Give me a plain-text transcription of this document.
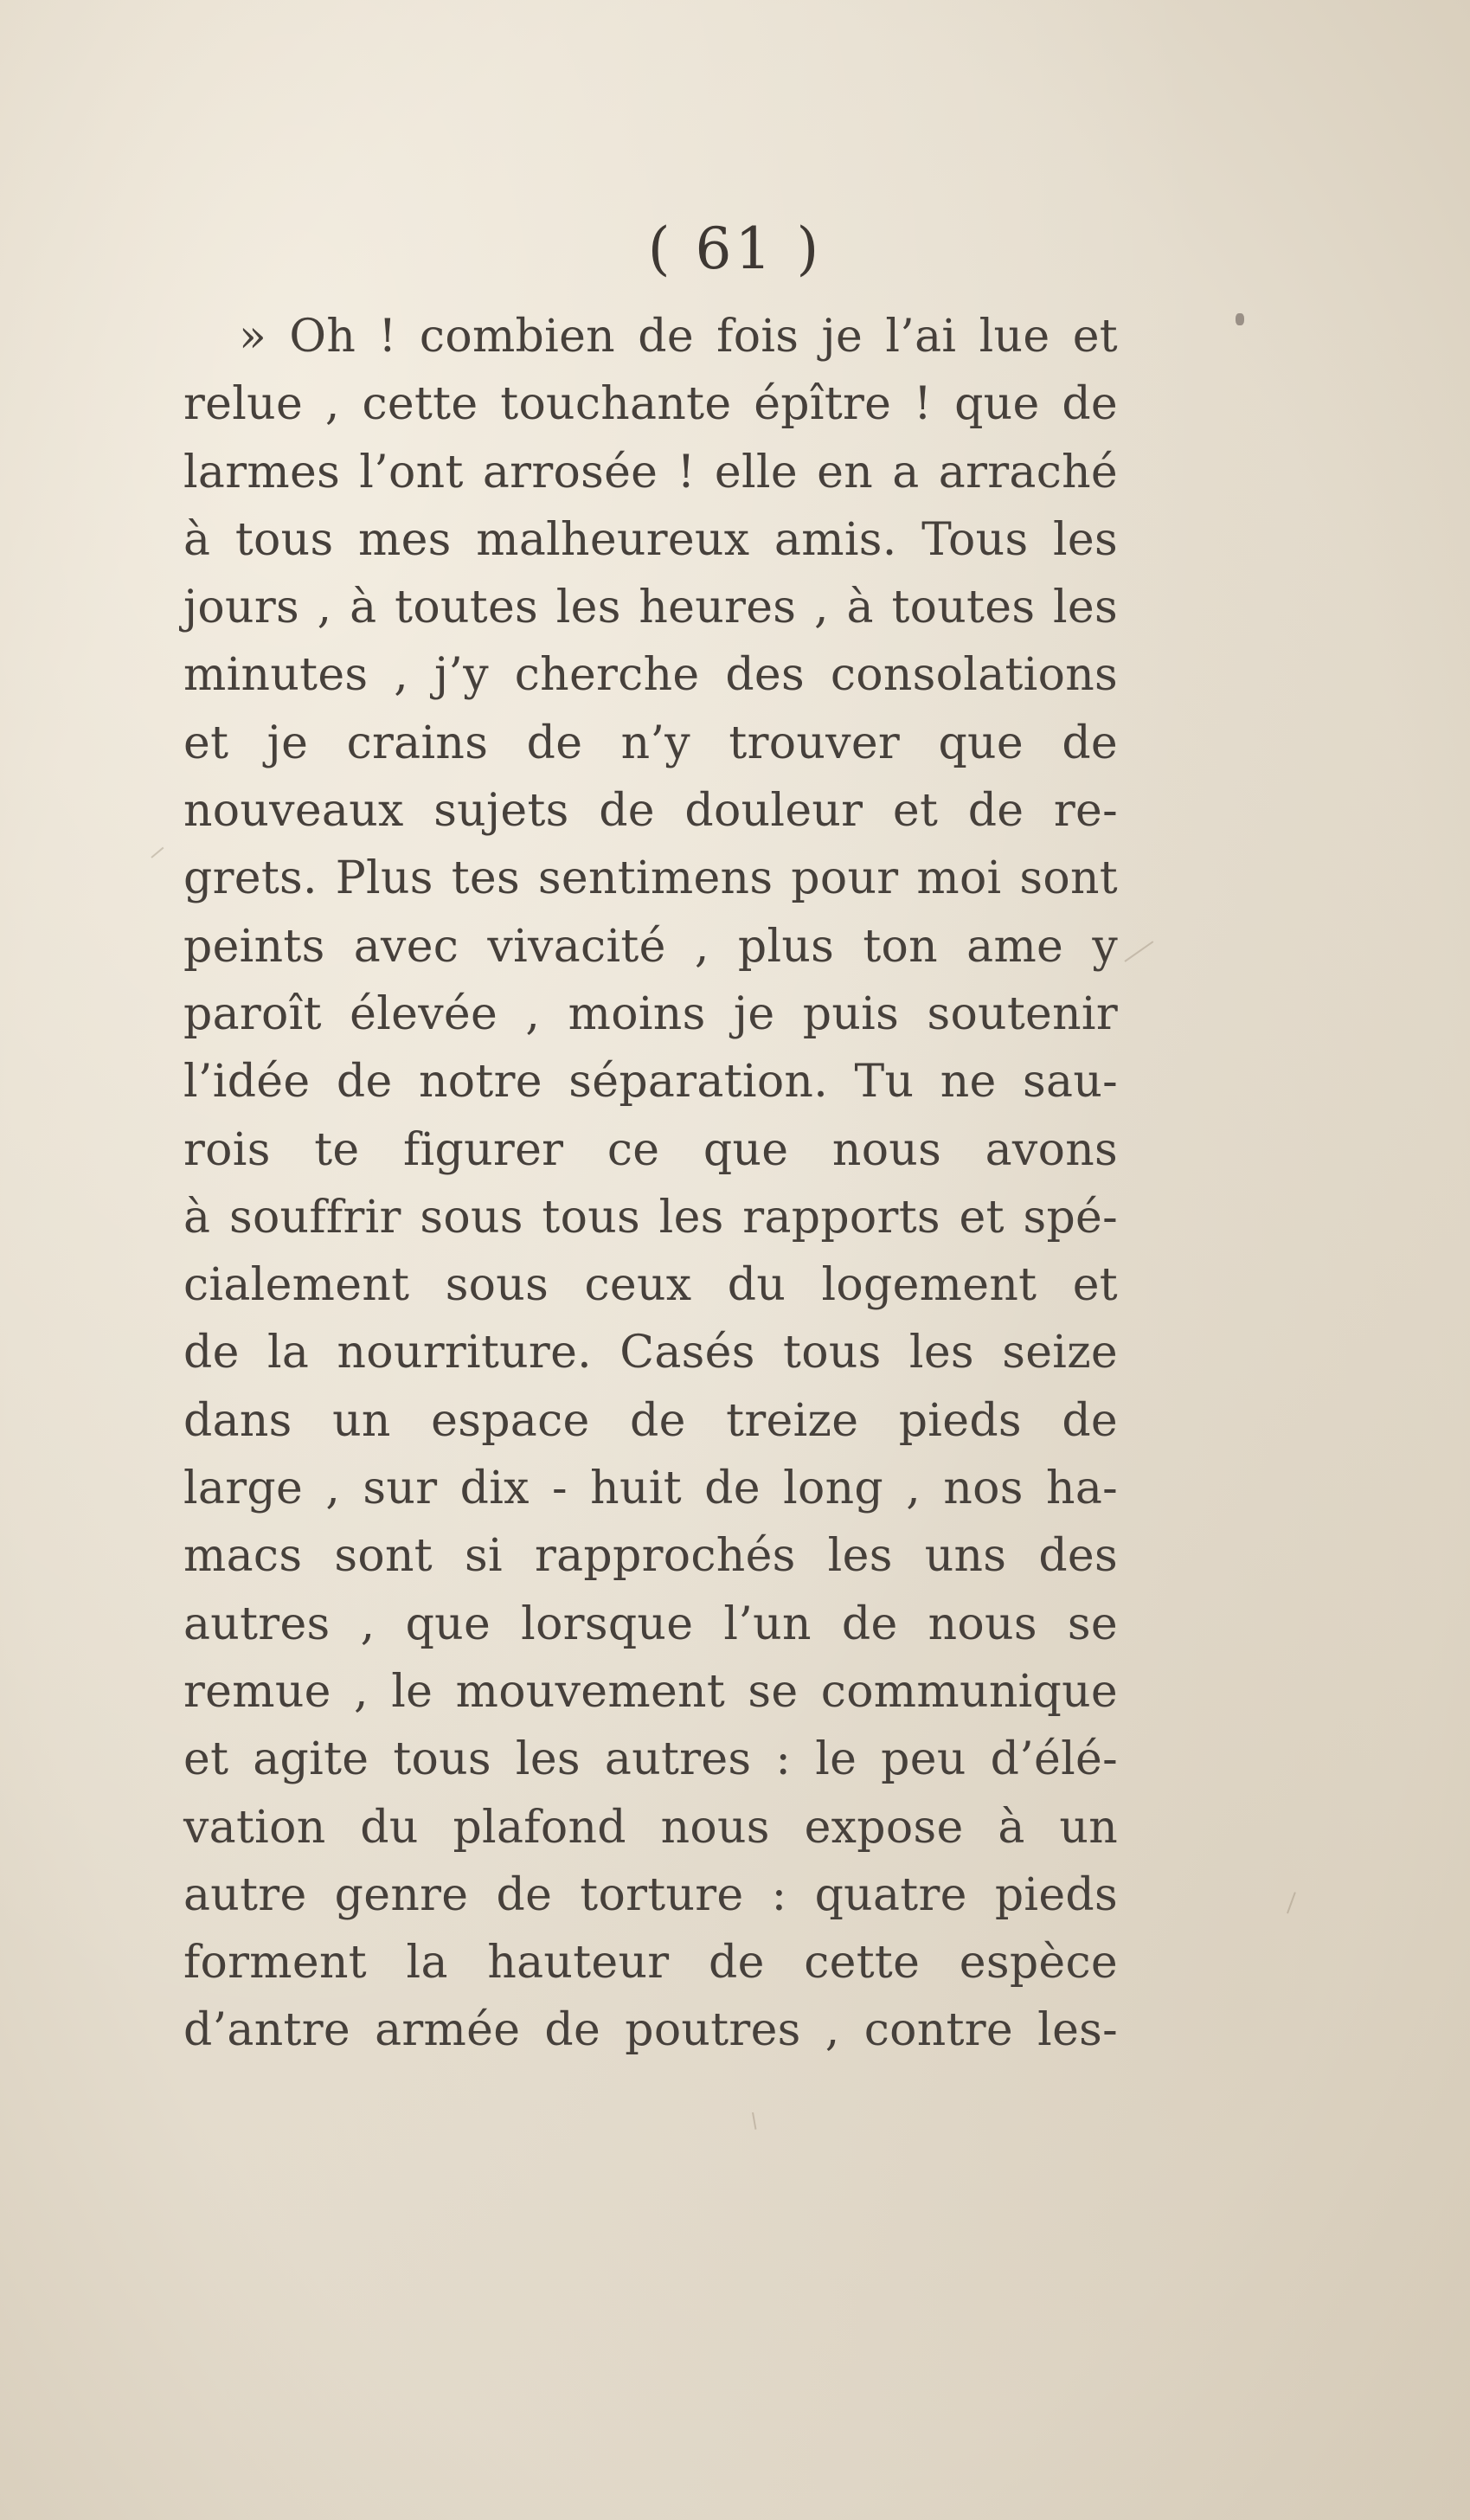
( 61 )
» Oh ! combien de fois je l’ai lue et
relue , cette touchante épître ! que de
larmes l’ont arrosée ! elle en a arraché
à tous mes malheureux amis. Tous les
jours , à toutes les heures , à toutes les
minutes , j’y cherche des consolations
et je crains de n’y trouver que de
nouveaux sujets de douleur et de re-
grets. Plus tes sentimens pour moi sont
peints avec vivacité , plus ton ame y
paroît élevée , moins je puis soutenir
l’idée de notre séparation. Tu ne sau-
rois te figurer ce que nous avons
à souffrir sous tous les rapports et spé-
cialement sous ceux du logement et
de la nourriture. Casés tous les seize
dans un espace de treize pieds de
large , sur dix - huit de long , nos ha-
macs sont si rapprochés les uns des
autres , que lorsque l’un de nous se
remue , le mouvement se communique
et agite tous les autres : le peu d’élé-
vation du plafond nous expose à un
autre genre de torture : quatre pieds
forment la hauteur de cette espèce
d’antre armée de poutres , contre les-
